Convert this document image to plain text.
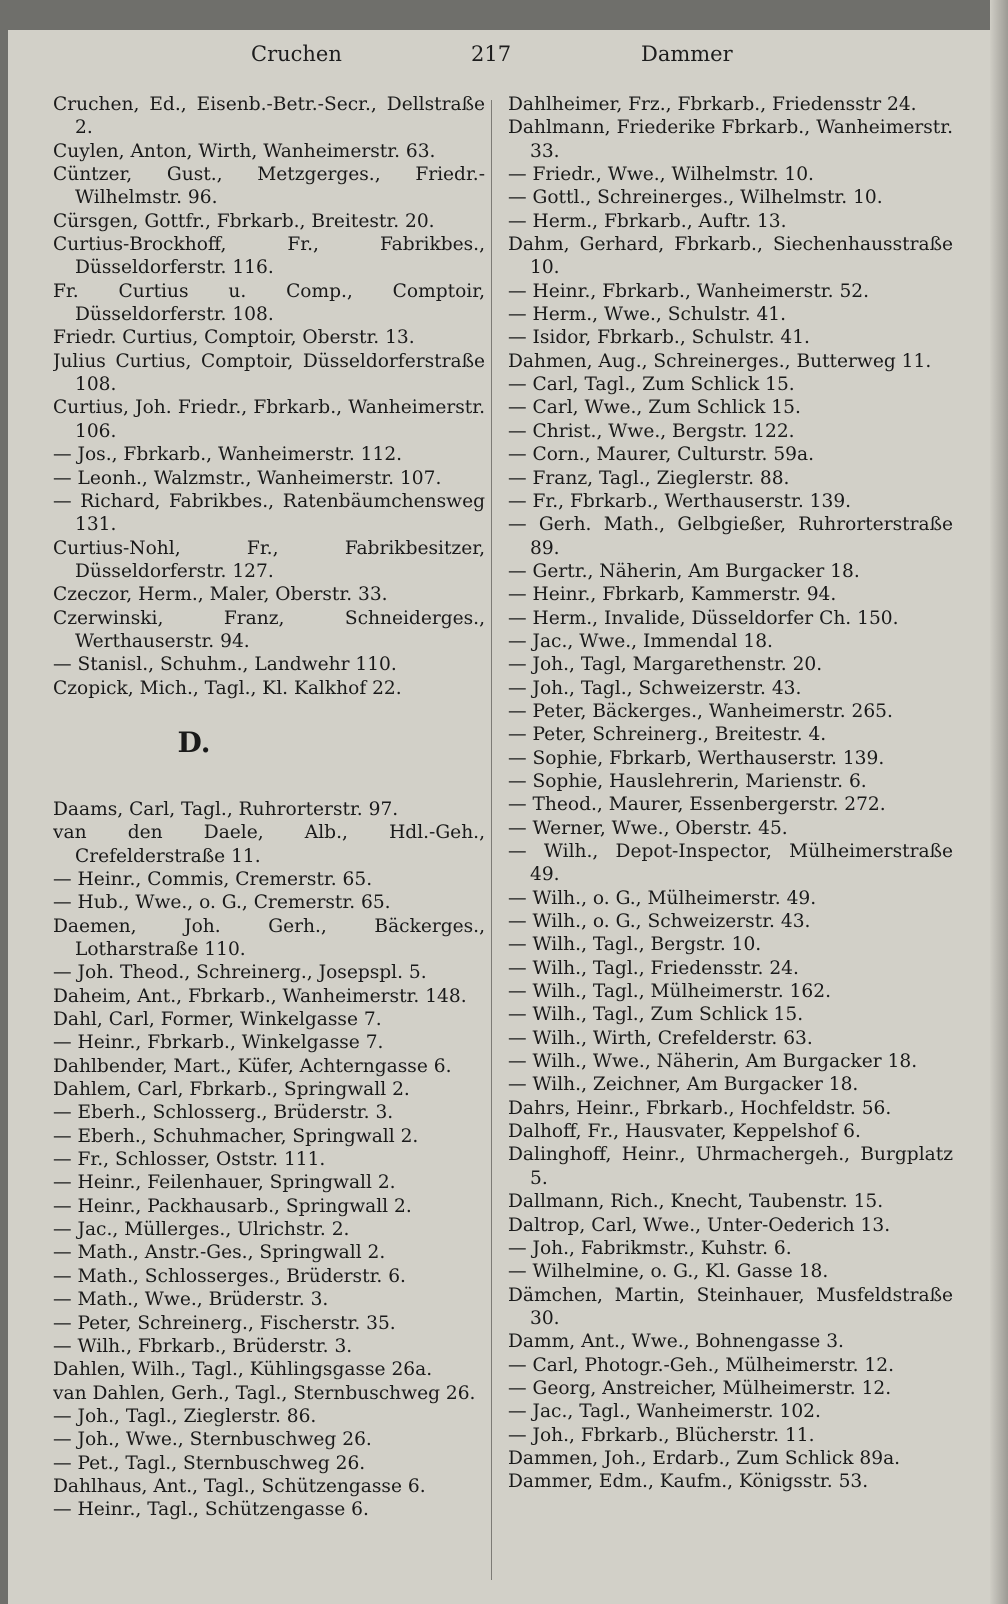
Cruchen	217	Dammer
Cruchen, Ed., Eisenb.-Betr.-Secr., Dellstraße 2.
Cuylen, Anton, Wirth, Wanheimerstr. 63.
Cüntzer, Gust., Metzgerges., Friedr.-Wilhelmstr. 96.
Cürsgen, Gottfr., Fbrkarb., Breitestr. 20.
Curtius-Brockhoff, Fr., Fabrikbes., Düsseldorferstr. 116.
Fr. Curtius u. Comp., Comptoir, Düsseldorferstr. 108.
Friedr. Curtius, Comptoir, Oberstr. 13.
Julius Curtius, Comptoir, Düsseldorferstraße 108.
Curtius, Joh. Friedr., Fbrkarb., Wanheimerstr. 106.
— Jos., Fbrkarb., Wanheimerstr. 112.
— Leonh., Walzmstr., Wanheimerstr. 107.
— Richard, Fabrikbes., Ratenbäumchensweg 131.
Curtius-Nohl, Fr., Fabrikbesitzer, Düsseldorferstr. 127.
Czeczor, Herm., Maler, Oberstr. 33.
Czerwinski, Franz, Schneiderges., Werthauserstr. 94.
— Stanisl., Schuhm., Landwehr 110.
Czopick, Mich., Tagl., Kl. Kalkhof 22.
D.
Daams, Carl, Tagl., Ruhrorterstr. 97.
van den Daele, Alb., Hdl.-Geh., Crefelderstraße 11.
— Heinr., Commis, Cremerstr. 65.
— Hub., Wwe., o. G., Cremerstr. 65.
Daemen, Joh. Gerh., Bäckerges., Lotharstraße 110.
— Joh. Theod., Schreinerg., Josepspl. 5.
Daheim, Ant., Fbrkarb., Wanheimerstr. 148.
Dahl, Carl, Former, Winkelgasse 7.
— Heinr., Fbrkarb., Winkelgasse 7.
Dahlbender, Mart., Küfer, Achterngasse 6.
Dahlem, Carl, Fbrkarb., Springwall 2.
— Eberh., Schlosserg., Brüderstr. 3.
— Eberh., Schuhmacher, Springwall 2.
— Fr., Schlosser, Oststr. 111.
— Heinr., Feilenhauer, Springwall 2.
— Heinr., Packhausarb., Springwall 2.
— Jac., Müllerges., Ulrichstr. 2.
— Math., Anstr.-Ges., Springwall 2.
— Math., Schlosserges., Brüderstr. 6.
— Math., Wwe., Brüderstr. 3.
— Peter, Schreinerg., Fischerstr. 35.
— Wilh., Fbrkarb., Brüderstr. 3.
Dahlen, Wilh., Tagl., Kühlingsgasse 26a.
van Dahlen, Gerh., Tagl., Sternbuschweg 26.
— Joh., Tagl., Zieglerstr. 86.
— Joh., Wwe., Sternbuschweg 26.
— Pet., Tagl., Sternbuschweg 26.
Dahlhaus, Ant., Tagl., Schützengasse 6.
— Heinr., Tagl., Schützengasse 6.
Dahlheimer, Frz., Fbrkarb., Friedensstr 24.
Dahlmann, Friederike Fbrkarb., Wanheimerstr. 33.
— Friedr., Wwe., Wilhelmstr. 10.
— Gottl., Schreinerges., Wilhelmstr. 10.
— Herm., Fbrkarb., Auftr. 13.
Dahm, Gerhard, Fbrkarb., Siechenhausstraße 10.
— Heinr., Fbrkarb., Wanheimerstr. 52.
— Herm., Wwe., Schulstr. 41.
— Isidor, Fbrkarb., Schulstr. 41.
Dahmen, Aug., Schreinerges., Butterweg 11.
— Carl, Tagl., Zum Schlick 15.
— Carl, Wwe., Zum Schlick 15.
— Christ., Wwe., Bergstr. 122.
— Corn., Maurer, Culturstr. 59a.
— Franz, Tagl., Zieglerstr. 88.
— Fr., Fbrkarb., Werthauserstr. 139.
— Gerh. Math., Gelbgießer, Ruhrorterstraße 89.
— Gertr., Näherin, Am Burgacker 18.
— Heinr., Fbrkarb, Kammerstr. 94.
— Herm., Invalide, Düsseldorfer Ch. 150.
— Jac., Wwe., Immendal 18.
— Joh., Tagl, Margarethenstr. 20.
— Joh., Tagl., Schweizerstr. 43.
— Peter, Bäckerges., Wanheimerstr. 265.
— Peter, Schreinerg., Breitestr. 4.
— Sophie, Fbrkarb, Werthauserstr. 139.
— Sophie, Hauslehrerin, Marienstr. 6.
— Theod., Maurer, Essenbergerstr. 272.
— Werner, Wwe., Oberstr. 45.
— Wilh., Depot-Inspector, Mülheimerstraße 49.
— Wilh., o. G., Mülheimerstr. 49.
— Wilh., o. G., Schweizerstr. 43.
— Wilh., Tagl., Bergstr. 10.
— Wilh., Tagl., Friedensstr. 24.
— Wilh., Tagl., Mülheimerstr. 162.
— Wilh., Tagl., Zum Schlick 15.
— Wilh., Wirth, Crefelderstr. 63.
— Wilh., Wwe., Näherin, Am Burgacker 18.
— Wilh., Zeichner, Am Burgacker 18.
Dahrs, Heinr., Fbrkarb., Hochfeldstr. 56.
Dalhoff, Fr., Hausvater, Keppelshof 6.
Dalinghoff, Heinr., Uhrmachergeh., Burgplatz 5.
Dallmann, Rich., Knecht, Taubenstr. 15.
Daltrop, Carl, Wwe., Unter-Oederich 13.
— Joh., Fabrikmstr., Kuhstr. 6.
— Wilhelmine, o. G., Kl. Gasse 18.
Dämchen, Martin, Steinhauer, Musfeldstraße 30.
Damm, Ant., Wwe., Bohnengasse 3.
— Carl, Photogr.-Geh., Mülheimerstr. 12.
— Georg, Anstreicher, Mülheimerstr. 12.
— Jac., Tagl., Wanheimerstr. 102.
— Joh., Fbrkarb., Blücherstr. 11.
Dammen, Joh., Erdarb., Zum Schlick 89a.
Dammer, Edm., Kaufm., Königsstr. 53.
